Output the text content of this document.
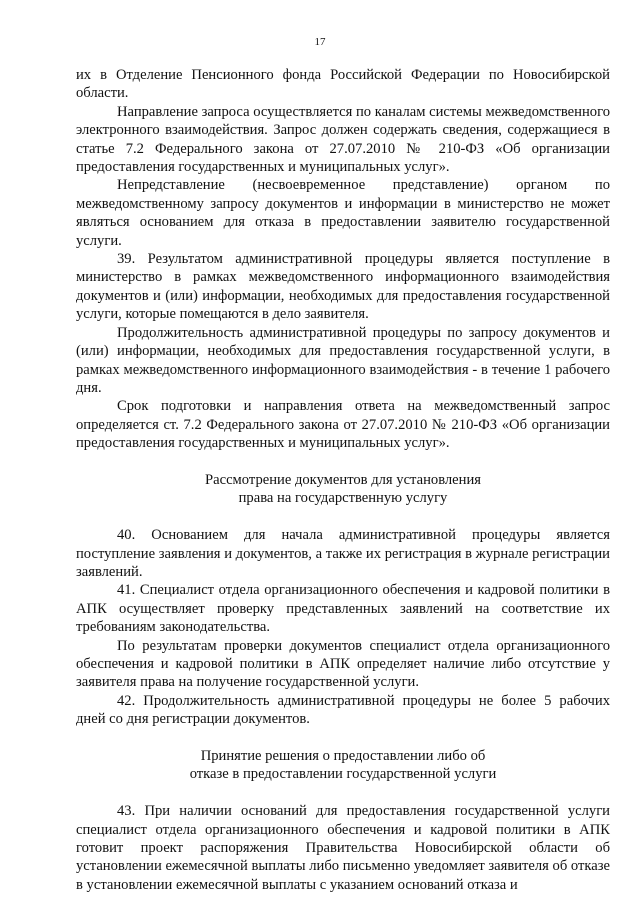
17

их в Отделение Пенсионного фонда Российской Федерации по Новосибирской области.

Направление запроса осуществляется по каналам системы межведомственного электронного взаимодействия. Запрос должен содержать сведения, содержащиеся в статье 7.2 Федерального закона от 27.07.2010 № 210-ФЗ «Об организации предоставления государственных и муниципальных услуг».

Непредставление (несвоевременное представление) органом по межведомственному запросу документов и информации в министерство не может являться основанием для отказа в предоставлении заявителю государственной услуги.

39. Результатом административной процедуры является поступление в министерство в рамках межведомственного информационного взаимодействия документов и (или) информации, необходимых для предоставления государственной услуги, которые помещаются в дело заявителя.

Продолжительность административной процедуры по запросу документов и (или) информации, необходимых для предоставления государственной услуги, в рамках межведомственного информационного взаимодействия - в течение 1 рабочего дня.

Срок подготовки и направления ответа на межведомственный запрос определяется ст. 7.2 Федерального закона от 27.07.2010 № 210-ФЗ «Об организации предоставления государственных и муниципальных услуг».

Рассмотрение документов для установления

права на государственную услугу

40. Основанием для начала административной процедуры является поступление заявления и документов, а также их регистрация в журнале регистрации заявлений.

41. Специалист отдела организационного обеспечения и кадровой политики в АПК осуществляет проверку представленных заявлений на соответствие их требованиям законодательства.

По результатам проверки документов специалист отдела организационного обеспечения и кадровой политики в АПК определяет наличие либо отсутствие у заявителя права на получение государственной услуги.

42. Продолжительность административной процедуры не более 5 рабочих дней со дня регистрации документов.

Принятие решения о предоставлении либо об

отказе в предоставлении государственной услуги

43. При наличии оснований для предоставления государственной услуги специалист отдела организационного обеспечения и кадровой политики в АПК готовит проект распоряжения Правительства Новосибирской области об установлении ежемесячной выплаты либо письменно уведомляет заявителя об отказе в установлении ежемесячной выплаты с указанием оснований отказа и
